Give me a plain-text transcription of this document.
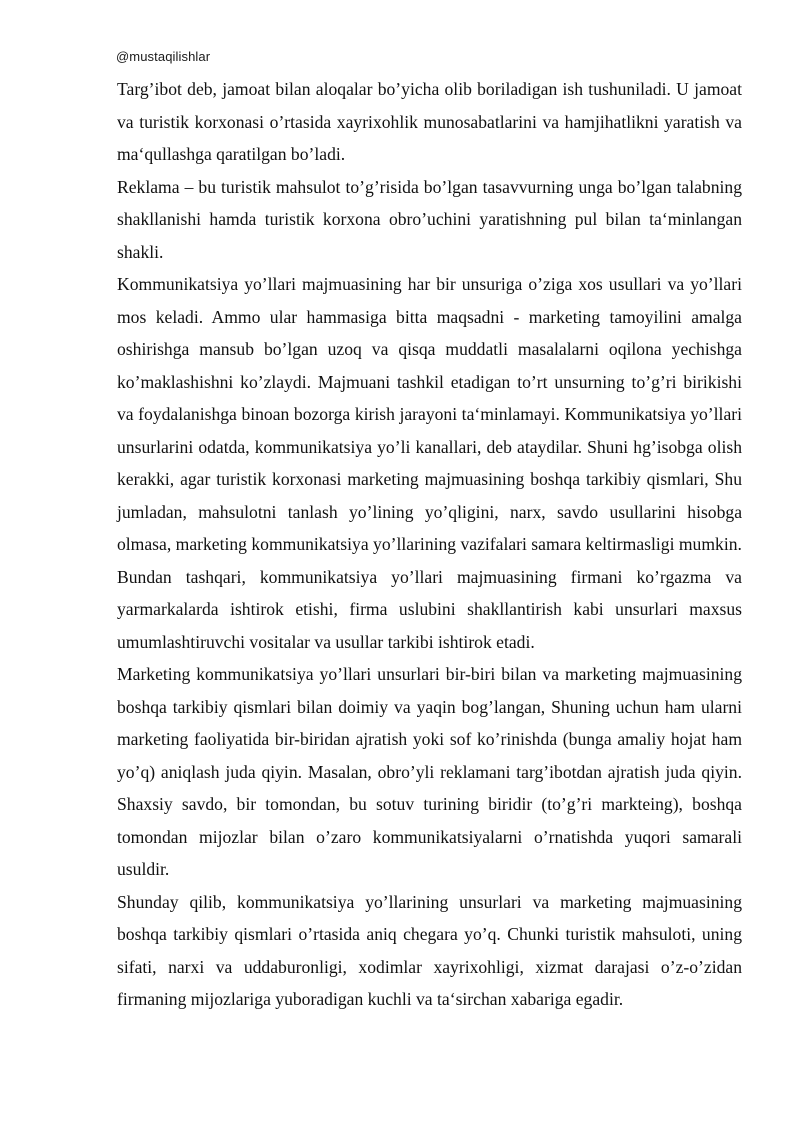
@mustaqilishlar

Targ’ibot deb, jamoat bilan aloqalar bo’yicha olib boriladigan ish tushuniladi. U jamoat va turistik korxonasi o’rtasida xayrixohlik munosabatlarini va hamjihatlikni yaratish va ma‘qullashga qaratilgan bo’ladi.

Reklama – bu turistik mahsulot to’g’risida bo’lgan tasavvurning unga bo’lgan talabning shakllanishi hamda turistik korxona obro’uchini yaratishning pul bilan ta‘minlangan shakli.

Kommunikatsiya yo’llari majmuasining har bir unsuriga o’ziga xos usullari va yo’llari mos keladi. Ammo ular hammasiga bitta maqsadni - marketing tamoyilini amalga oshirishga mansub bo’lgan uzoq va qisqa muddatli masalalarni oqilona yechishga ko’maklashishni ko’zlaydi. Majmuani tashkil etadigan to’rt unsurning to’g’ri birikishi va foydalanishga binoan bozorga kirish jarayoni ta‘minlamayi. Kommunikatsiya yo’llari unsurlarini odatda, kommunikatsiya yo’li kanallari, deb ataydilar. Shuni hg’isobga olish kerakki, agar turistik korxonasi marketing majmuasining boshqa tarkibiy qismlari, Shu jumladan, mahsulotni tanlash yo’lining yo’qligini, narx, savdo usullarini hisobga olmasa, marketing kommunikatsiya yo’llarining vazifalari samara keltirmasligi mumkin.

Bundan tashqari, kommunikatsiya yo’llari majmuasining firmani ko’rgazma va yarmarkalarda ishtirok etishi, firma uslubini shakllantirish kabi unsurlari maxsus umumlashtiruvchi vositalar va usullar tarkibi ishtirok etadi.

Marketing kommunikatsiya yo’llari unsurlari bir-biri bilan va marketing majmuasining boshqa tarkibiy qismlari bilan doimiy va yaqin bog’langan, Shuning uchun ham ularni marketing faoliyatida bir-biridan ajratish yoki sof ko’rinishda (bunga amaliy hojat ham yo’q) aniqlash juda qiyin. Masalan, obro’yli reklamani targ’ibotdan ajratish juda qiyin. Shaxsiy savdo, bir tomondan, bu sotuv turining biridir (to’g’ri markteing), boshqa tomondan mijozlar bilan o’zaro kommunikatsiyalarni o’rnatishda yuqori samarali usuldir.

Shunday qilib, kommunikatsiya yo’llarining unsurlari va marketing majmuasining boshqa tarkibiy qismlari o’rtasida aniq chegara yo’q. Chunki turistik mahsuloti, uning sifati, narxi va uddaburonligi, xodimlar xayrixohligi, xizmat darajasi o’z-o’zidan firmaning mijozlariga yuboradigan kuchli va ta‘sirchan xabariga egadir.
